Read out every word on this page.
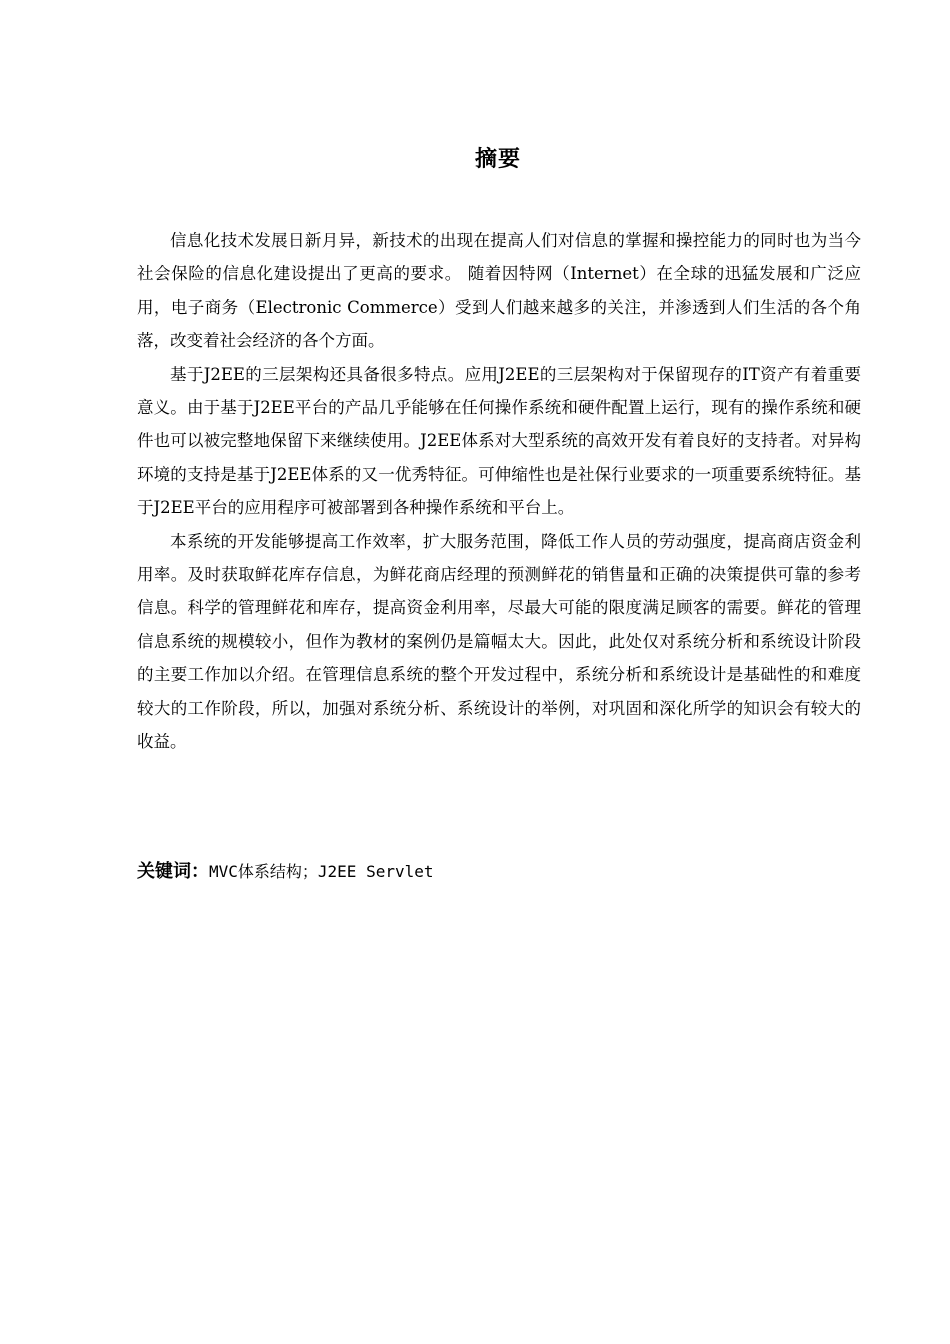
摘要

信息化技术发展日新月异，新技术的出现在提高人们对信息的掌握和操控能力的同时也为当今社会保险的信息化建设提出了更高的要求。 随着因特网（Internet）在全球的迅猛发展和广泛应用，电子商务（Electronic Commerce）受到人们越来越多的关注，并渗透到人们生活的各个角落，改变着社会经济的各个方面。

基于J2EE的三层架构还具备很多特点。应用J2EE的三层架构对于保留现存的IT资产有着重要意义。由于基于J2EE平台的产品几乎能够在任何操作系统和硬件配置上运行，现有的操作系统和硬件也可以被完整地保留下来继续使用。J2EE体系对大型系统的高效开发有着良好的支持者。对异构环境的支持是基于J2EE体系的又一优秀特征。可伸缩性也是社保行业要求的一项重要系统特征。基于J2EE平台的应用程序可被部署到各种操作系统和平台上。

本系统的开发能够提高工作效率，扩大服务范围，降低工作人员的劳动强度，提高商店资金利用率。及时获取鲜花库存信息，为鲜花商店经理的预测鲜花的销售量和正确的决策提供可靠的参考信息。科学的管理鲜花和库存，提高资金利用率，尽最大可能的限度满足顾客的需要。鲜花的管理信息系统的规模较小，但作为教材的案例仍是篇幅太大。因此，此处仅对系统分析和系统设计阶段的主要工作加以介绍。在管理信息系统的整个开发过程中，系统分析和系统设计是基础性的和难度较大的工作阶段，所以，加强对系统分析、系统设计的举例，对巩固和深化所学的知识会有较大的收益。

关键词：MVC体系结构；J2EE Servlet
